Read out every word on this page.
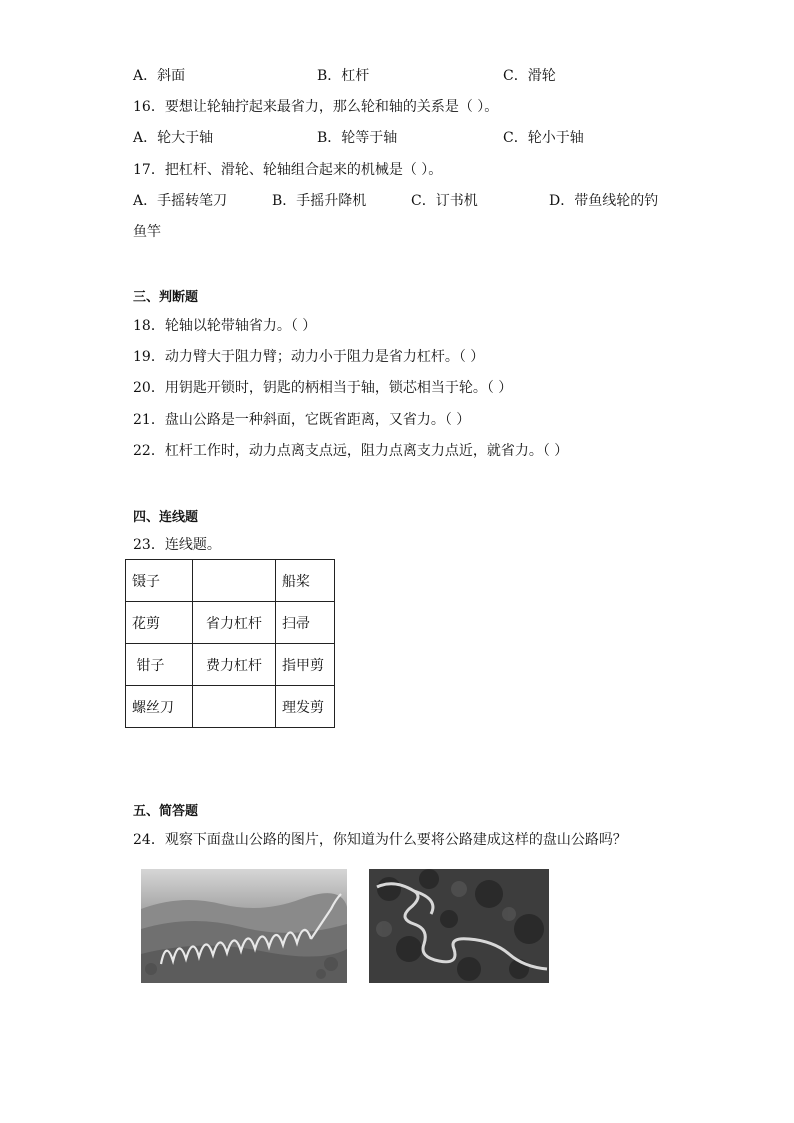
A．斜面	B．杠杆	C．滑轮
16．要想让轮轴拧起来最省力，那么轮和轴的关系是（ ）。
A．轮大于轴	B．轮等于轴	C．轮小于轴
17．把杠杆、滑轮、轮轴组合起来的机械是（ ）。
A．手摇转笔刀	B．手摇升降机	C．订书机	D．带鱼线轮的钓
鱼竿
三、判断题
18．轮轴以轮带轴省力。（ ）
19．动力臂大于阻力臂；动力小于阻力是省力杠杆。（ ）
20．用钥匙开锁时，钥匙的柄相当于轴，锁芯相当于轮。（ ）
21．盘山公路是一种斜面，它既省距离，又省力。（ ）
22．杠杆工作时，动力点离支点远，阻力点离支力点近，就省力。（ ）
四、连线题
23．连线题。
镊子		船桨
花剪	省力杠杆	扫帚
钳子	费力杠杆	指甲剪
螺丝刀		理发剪
五、简答题
24．观察下面盘山公路的图片，你知道为什么要将公路建成这样的盘山公路吗？
